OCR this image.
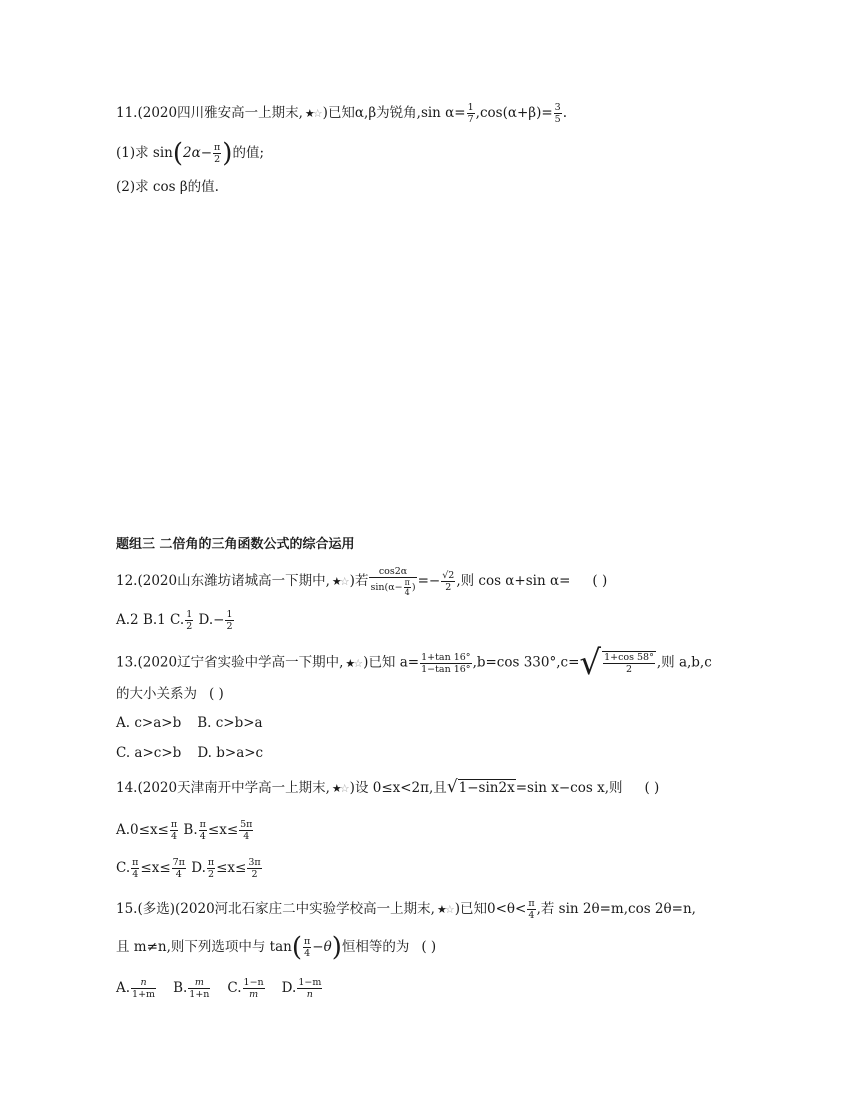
11.(2020四川雅安高一上期末, ★☆ )已知α,β为锐角,sin $\alpha= \frac{1}{7} ,\cos(\alpha+\beta)= \frac{3}{5}$ .
(1)求 $\sin(2\alpha- \frac{\pi}{2}$ )的值;
(2)求 cos β的值.
题组三 二倍角的三角函数公式的综合运用
12.(2020山东潍坊诸城高一下期中, ★☆ )若 $\frac{\cos 2\alpha}{\sin(\alpha- \frac{\pi}{4} )} =- \frac{√2}{2}$ ,则 cos α+sin α= ( )
A.2 B.1 C. $\frac{1}{2} D.- \frac{1}{2}$
13.(2020辽宁省实验中学高一下期中, ★☆ )已知 $a= \frac{1+\tan 16^\circ}{1-\tan 16^\circ} ,b=\cos$ $330^\circ,c=√ \frac{1+\cos 58^\circ}{2}$ ,则 a,b,c
的大小关系为 ( )
A. c>a>b B. c>b>a
C. a>c>b D. b>a>c
14.(2020天津南开中学高一上期末, ★☆ )设 0≤x<2π,且√1−sin2x=sin x−cos x,则 ( )
$A.0\le x\le \frac{\pi}{4} B$. $\frac{\pi}{4} \le x\le \frac{5\pi}{4}$
C. $\frac{\pi}{4} \le x\le \frac{7\pi}{4} D$. $\frac{\pi}{2} \le x\le \frac{3\pi}{2}$
15.(多选)(2020河北石家庄二中实验学校高一上期末, ★☆ )已知$0<\theta< \frac{\pi}{4}$ ,若 sin 2θ=m,cos 2θ=n,
且 m≠n,则下列选项中与 $\tan( \frac{\pi}{4} -\theta)$恒相等的为 ( )
A. $\frac{n}{1+m} B$. $\frac{m}{1+n} C$. $\frac{1-n}{m} D$. $\frac{1-m}{n}$
